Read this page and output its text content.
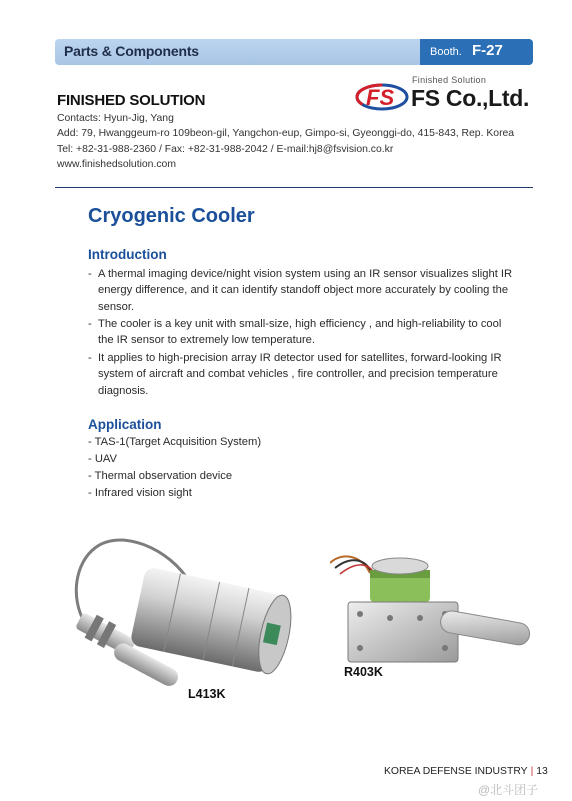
Parts & Components	Booth. F-27
FS
Finished Solution
FS Co.,Ltd.
FINISHED SOLUTION
Contacts: Hyun-Jig, Yang
Add: 79, Hwanggeum-ro 109beon-gil, Yangchon-eup, Gimpo-si, Gyeonggi-do, 415-843, Rep. Korea
Tel: +82-31-988-2360 / Fax: +82-31-988-2042 / E-mail:hj8@fsvision.co.kr
www.finishedsolution.com
Cryogenic Cooler
Introduction
- A thermal imaging device/night vision system using an IR sensor visualizes slight IR energy difference, and it can identify standoff object more accurately by cooling the sensor.
- The cooler is a key unit with small-size, high efficiency , and high-reliability to cool the IR sensor to extremely low temperature.
- It applies to high-precision array IR detector used for satellites, forward-looking IR system of aircraft and combat vehicles , fire controller, and precision temperature diagnosis.
Application
- TAS-1(Target Acquisition System)
- UAV
- Thermal observation device
- Infrared vision sight
L413K
R403K
KOREA DEFENSE INDUSTRY | 13
@北斗团子
